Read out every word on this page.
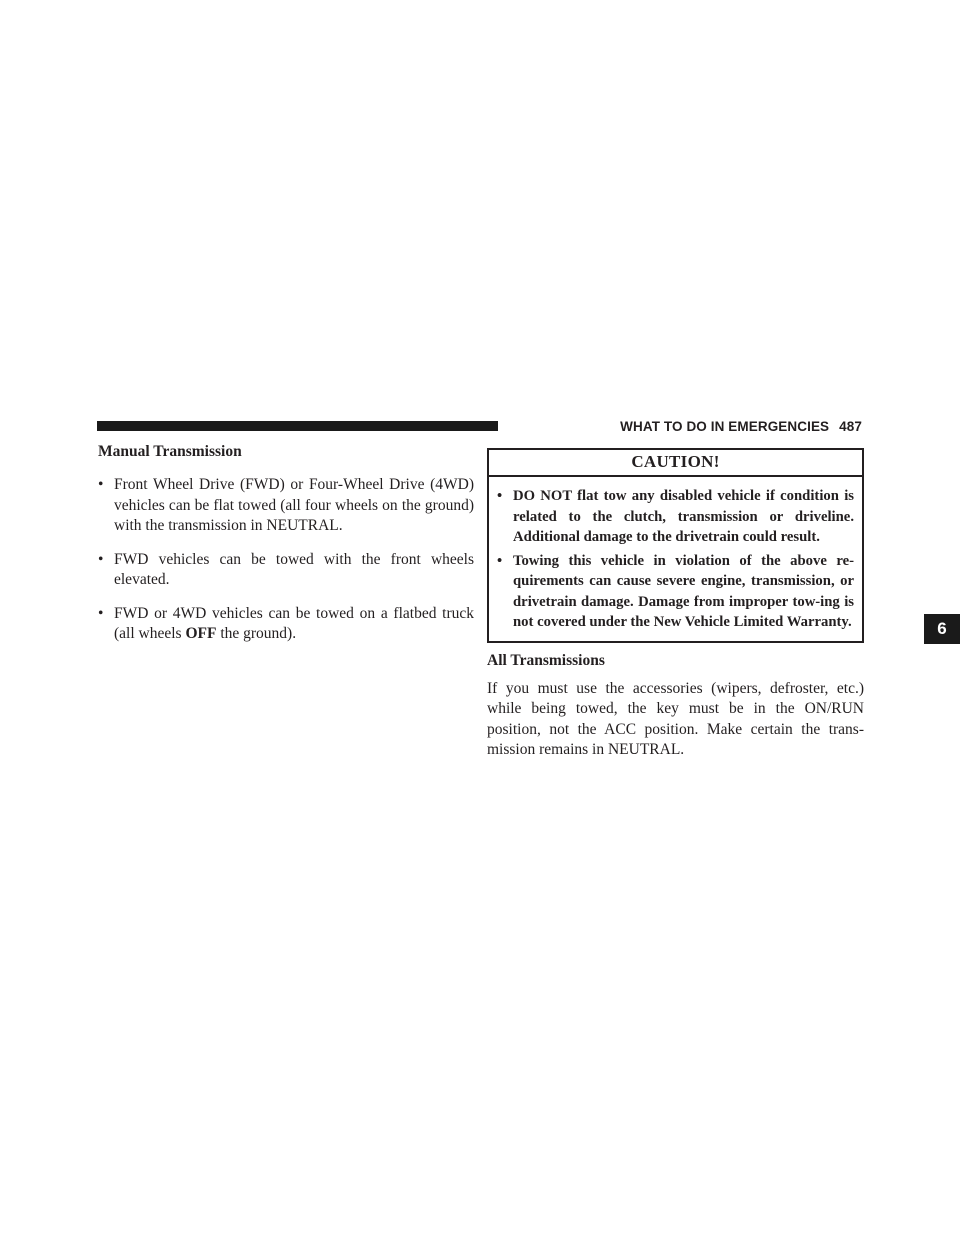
WHAT TO DO IN EMERGENCIES 487
6
Manual Transmission
• Front Wheel Drive (FWD) or Four-Wheel Drive (4WD) vehicles can be flat towed (all four wheels on the ground) with the transmission in NEUTRAL.
• FWD vehicles can be towed with the front wheels elevated.
• FWD or 4WD vehicles can be towed on a flatbed truck (all wheels OFF the ground).
CAUTION!
• DO NOT flat tow any disabled vehicle if condition is related to the clutch, transmission or driveline. Additional damage to the drivetrain could result.
• Towing this vehicle in violation of the above re-quirements can cause severe engine, transmission, or drivetrain damage. Damage from improper tow-ing is not covered under the New Vehicle Limited Warranty.
All Transmissions

If you must use the accessories (wipers, defroster, etc.) while being towed, the key must be in the ON/RUN position, not the ACC position. Make certain the trans-mission remains in NEUTRAL.
